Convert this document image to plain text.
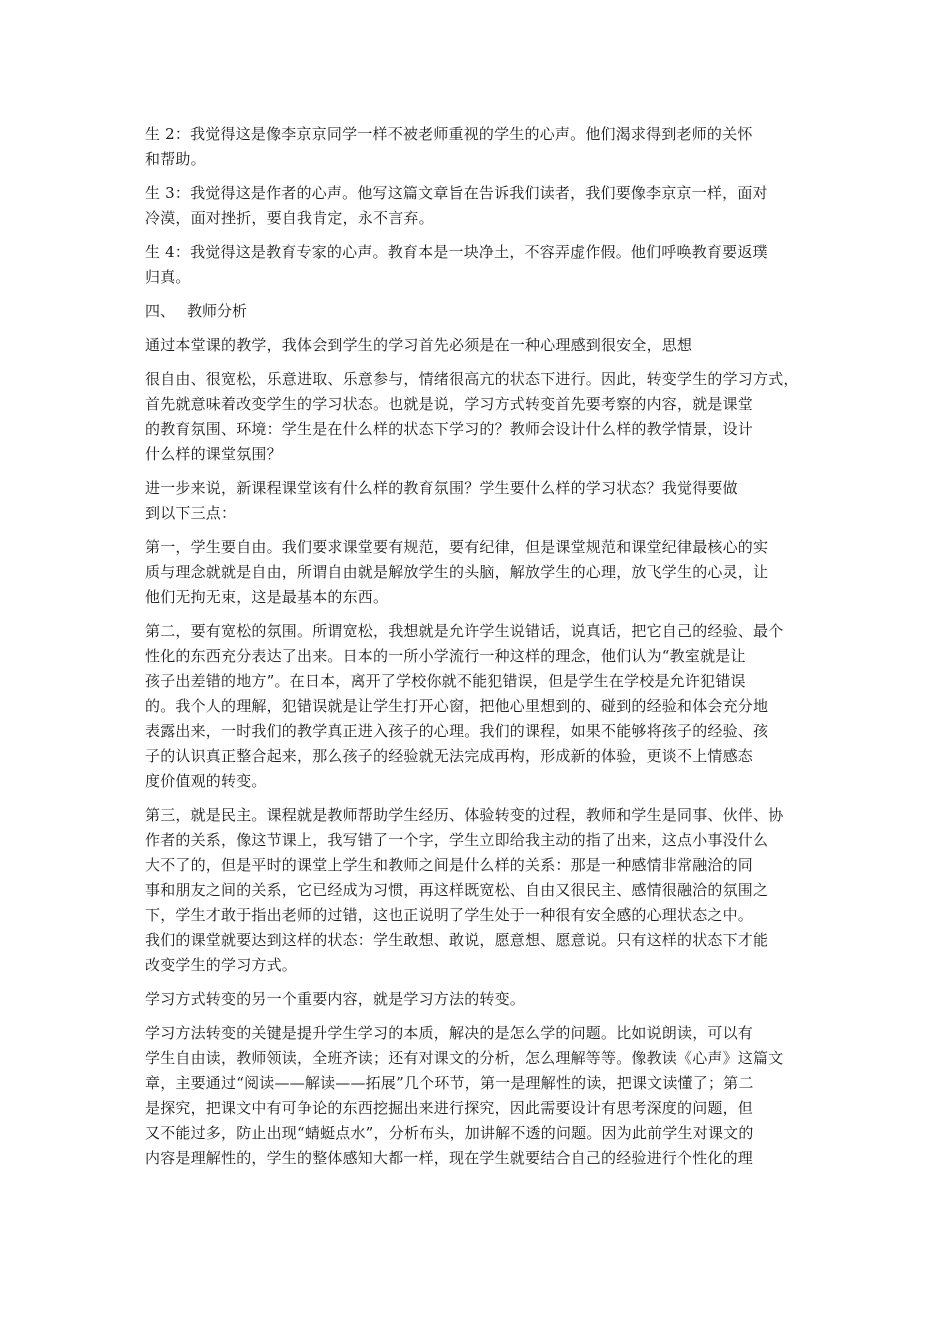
生 2：我觉得这是像李京京同学一样不被老师重视的学生的心声。他们渴求得到老师的关怀
和帮助。
生 3：我觉得这是作者的心声。他写这篇文章旨在告诉我们读者，我们要像李京京一样，面对
冷漠，面对挫折，要自我肯定，永不言弃。
生 4：我觉得这是教育专家的心声。教育本是一块净土，不容弄虚作假。他们呼唤教育要返璞
归真。
四、 教师分析
通过本堂课的教学，我体会到学生的学习首先必须是在一种心理感到很安全，思想
很自由、很宽松，乐意进取、乐意参与，情绪很高亢的状态下进行。因此，转变学生的学习方式，
首先就意味着改变学生的学习状态。也就是说，学习方式转变首先要考察的内容，就是课堂
的教育氛围、环境：学生是在什么样的状态下学习的？教师会设计什么样的教学情景，设计
什么样的课堂氛围？
进一步来说，新课程课堂该有什么样的教育氛围？学生要什么样的学习状态？我觉得要做
到以下三点：
第一，学生要自由。我们要求课堂要有规范，要有纪律，但是课堂规范和课堂纪律最核心的实
质与理念就就是自由，所谓自由就是解放学生的头脑，解放学生的心理，放飞学生的心灵，让
他们无拘无束，这是最基本的东西。
第二，要有宽松的氛围。所谓宽松，我想就是允许学生说错话，说真话，把它自己的经验、最个
性化的东西充分表达了出来。日本的一所小学流行一种这样的理念，他们认为“教室就是让
孩子出差错的地方”。在日本，离开了学校你就不能犯错误，但是学生在学校是允许犯错误
的。我个人的理解，犯错误就是让学生打开心窗，把他心里想到的、碰到的经验和体会充分地
表露出来，一时我们的教学真正进入孩子的心理。我们的课程，如果不能够将孩子的经验、孩
子的认识真正整合起来，那么孩子的经验就无法完成再构，形成新的体验，更谈不上情感态
度价值观的转变。
第三，就是民主。课程就是教师帮助学生经历、体验转变的过程，教师和学生是同事、伙伴、协
作者的关系，像这节课上，我写错了一个字，学生立即给我主动的指了出来，这点小事没什么
大不了的，但是平时的课堂上学生和教师之间是什么样的关系：那是一种感情非常融洽的同
事和朋友之间的关系，它已经成为习惯，再这样既宽松、自由又很民主、感情很融洽的氛围之
下，学生才敢于指出老师的过错，这也正说明了学生处于一种很有安全感的心理状态之中。
我们的课堂就要达到这样的状态：学生敢想、敢说，愿意想、愿意说。只有这样的状态下才能
改变学生的学习方式。
学习方式转变的另一个重要内容，就是学习方法的转变。
学习方法转变的关键是提升学生学习的本质，解决的是怎么学的问题。比如说朗读，可以有
学生自由读，教师领读，全班齐读；还有对课文的分析，怎么理解等等。像教读《心声》这篇文
章，主要通过“阅读——解读——拓展”几个环节，第一是理解性的读，把课文读懂了；第二
是探究，把课文中有可争论的东西挖掘出来进行探究，因此需要设计有思考深度的问题，但
又不能过多，防止出现“蜻蜓点水”，分析布头，加讲解不透的问题。因为此前学生对课文的
内容是理解性的，学生的整体感知大都一样，现在学生就要结合自己的经验进行个性化的理
